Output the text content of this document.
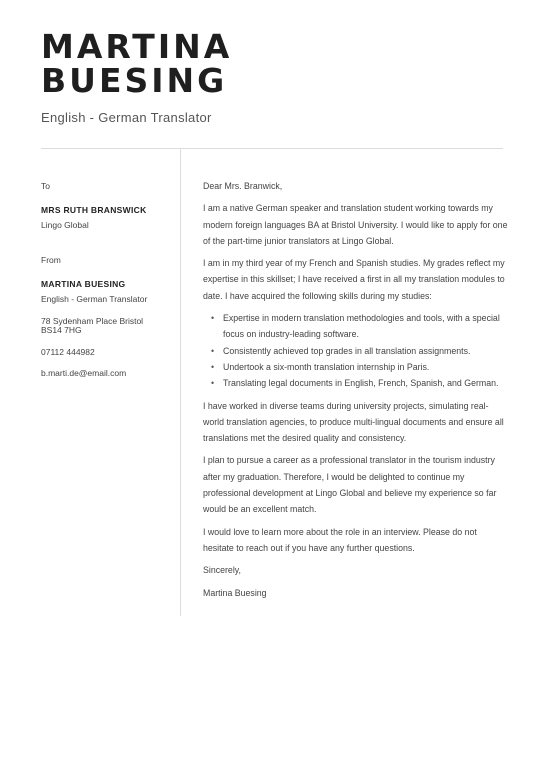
MARTINA
BUESING
English - German Translator
To
MRS RUTH BRANSWICK
Lingo Global
From
MARTINA BUESING
English - German Translator
78 Sydenham Place Bristol
BS14 7HG
07112 444982
b.marti.de@email.com

Dear Mrs. Branwick,

I am a native German speaker and translation student working towards my modern foreign languages BA at Bristol University. I would like to apply for one of the part-time junior translators at Lingo Global.

I am in my third year of my French and Spanish studies. My grades reflect my expertise in this skillset; I have received a first in all my translation modules to date. I have acquired the following skills during my studies:

• Expertise in modern translation methodologies and tools, with a special focus on industry-leading software.
• Consistently achieved top grades in all translation assignments.
• Undertook a six-month translation internship in Paris.
• Translating legal documents in English, French, Spanish, and German.

I have worked in diverse teams during university projects, simulating real-world translation agencies, to produce multi-lingual documents and ensure all translations met the desired quality and consistency.

I plan to pursue a career as a professional translator in the tourism industry after my graduation. Therefore, I would be delighted to continue my professional development at Lingo Global and believe my experience so far would be an excellent match.

I would love to learn more about the role in an interview. Please do not hesitate to reach out if you have any further questions.

Sincerely,

Martina Buesing
